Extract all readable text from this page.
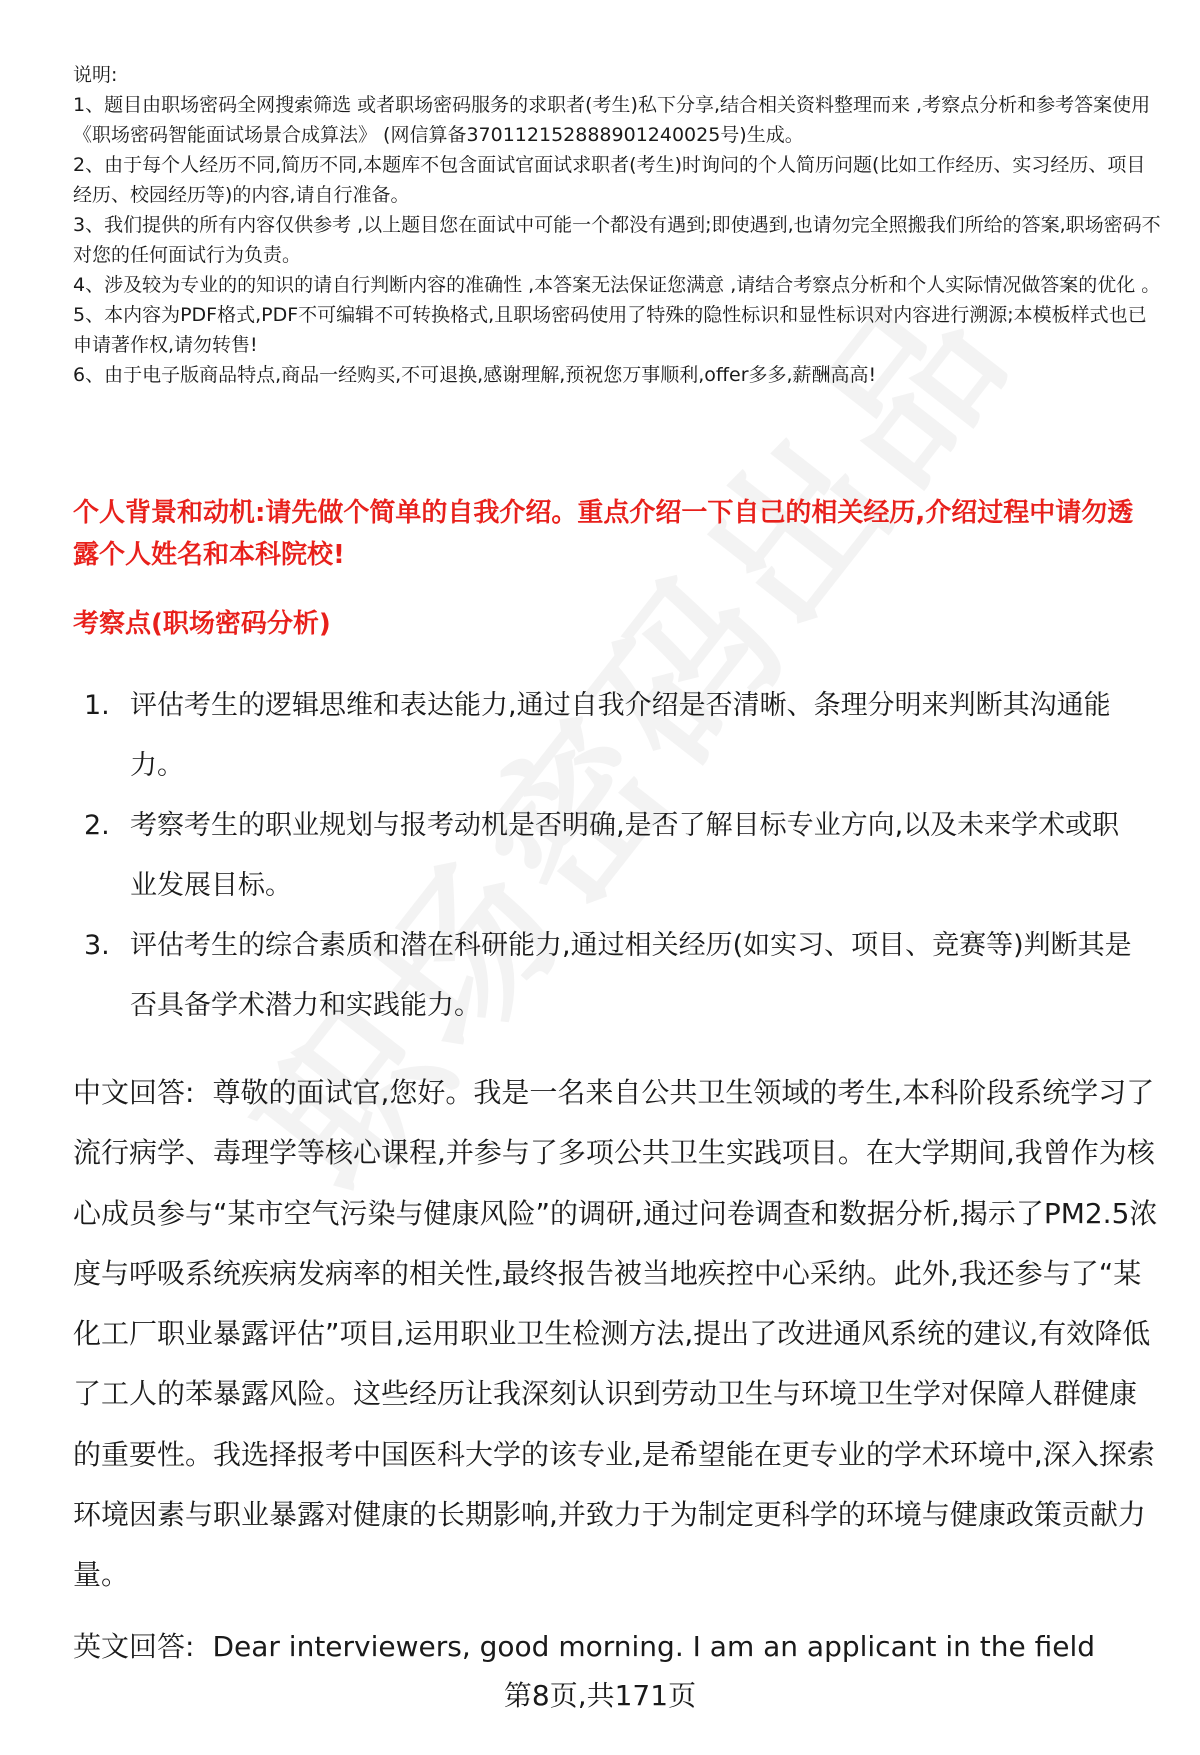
说明:

1、题目由职场密码全网搜索筛选 或者职场密码服务的求职者(考生)私下分享,结合相关资料整理而来 ,考察点分析和参考答案使用《职场密码智能面试场景合成算法》 (网信算备370112152888901240025号)生成。

2、由于每个人经历不同,简历不同,本题库不包含面试官面试求职者(考生)时询问的个人简历问题(比如工作经历、实习经历、项目经历、校园经历等)的内容,请自行准备。

3、我们提供的所有内容仅供参考 ,以上题目您在面试中可能一个都没有遇到;即使遇到,也请勿完全照搬我们所给的答案,职场密码不对您的任何面试行为负责。

4、涉及较为专业的的知识的请自行判断内容的准确性 ,本答案无法保证您满意 ,请结合考察点分析和个人实际情况做答案的优化 。

5、本内容为PDF格式,PDF不可编辑不可转换格式,且职场密码使用了特殊的隐性标识和显性标识对内容进行溯源;本模板样式也已申请著作权,请勿转售!

6、由于电子版商品特点,商品一经购买,不可退换,感谢理解,预祝您万事顺利,offer多多,薪酬高高!

个人背景和动机:请先做个简单的自我介绍。重点介绍一下自己的相关经历,介绍过程中请勿透露个人姓名和本科院校!
考察点(职场密码分析)
1. 评估考生的逻辑思维和表达能力,通过自我介绍是否清晰、条理分明来判断其沟通能力。
2. 考察考生的职业规划与报考动机是否明确,是否了解目标专业方向,以及未来学术或职业发展目标。
3. 评估考生的综合素质和潜在科研能力,通过相关经历(如实习、项目、竞赛等)判断其是否具备学术潜力和实践能力。

中文回答: 尊敬的面试官,您好。我是一名来自公共卫生领域的考生,本科阶段系统学习了流行病学、毒理学等核心课程,并参与了多项公共卫生实践项目。在大学期间,我曾作为核心成员参与“某市空气污染与健康风险”的调研,通过问卷调查和数据分析,揭示了PM2.5浓度与呼吸系统疾病发病率的相关性,最终报告被当地疾控中心采纳。此外,我还参与了“某化工厂职业暴露评估”项目,运用职业卫生检测方法,提出了改进通风系统的建议,有效降低了工人的苯暴露风险。这些经历让我深刻认识到劳动卫生与环境卫生学对保障人群健康的重要性。我选择报考中国医科大学的该专业,是希望能在更专业的学术环境中,深入探索环境因素与职业暴露对健康的长期影响,并致力于为制定更科学的环境与健康政策贡献力量。

英文回答: Dear interviewers, good morning. I am an applicant in the field

第8页,共171页
